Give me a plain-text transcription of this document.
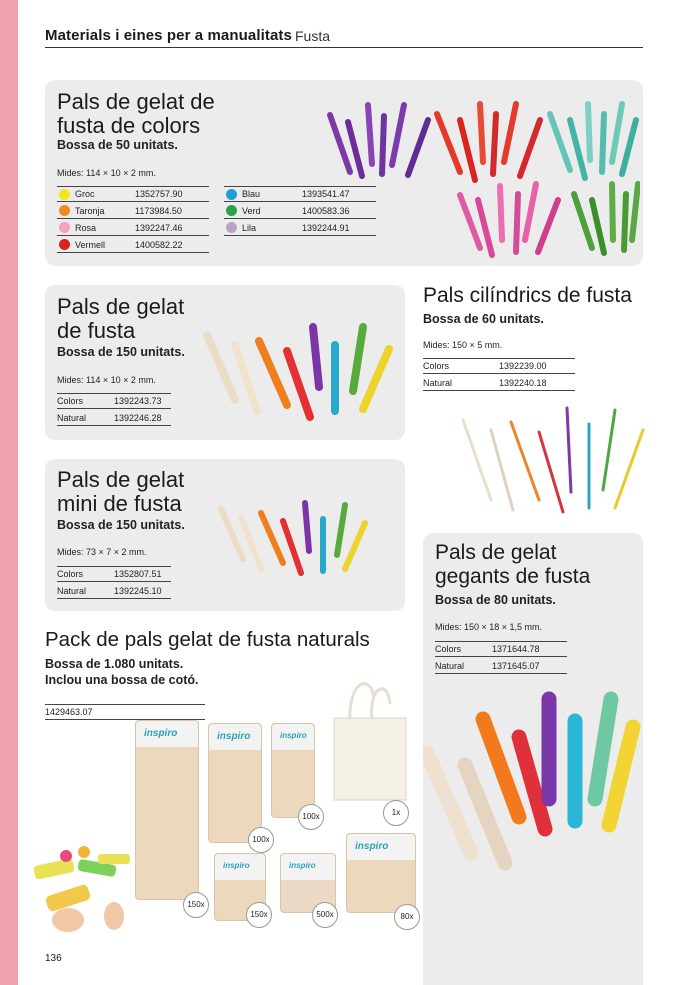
Materials i eines per a manualitats Fusta
Pals de gelat de
fusta de colors
Bossa de 50 unitats.
Mides: 114 × 10 × 2 mm.
Groc	1352757.90
Taronja	1173984.50
Rosa	1392247.46
Vermell	1400582.22
Blau	1393541.47
Verd	1400583.36
Lila	1392244.91
Pals de gelat
de fusta
Bossa de 150 unitats.
Mides: 114 × 10 × 2 mm.
Colors	1392243.73
Natural	1392246.28
Pals de gelat
mini de fusta
Bossa de 150 unitats.
Mides: 73 × 7 × 2 mm.
Colors	1352807.51
Natural	1392245.10
Pals cilíndrics de fusta
Bossa de 60 unitats.
Mides: 150 × 5 mm.
Colors	1392239.00
Natural	1392240.18
Pals de gelat
gegants de fusta
Bossa de 80 unitats.
Mides: 150 × 18 × 1,5 mm.
Colors	1371644.78
Natural	1371645.07
Pack de pals gelat de fusta naturals
Bossa de 1.080 unitats.
Inclou una bossa de cotó.
1429463.07
inspiro	inspiro	inspiro
inspiro	inspiro
inspiro
150x
100x
100x
150x	500x	80x
1x
136
